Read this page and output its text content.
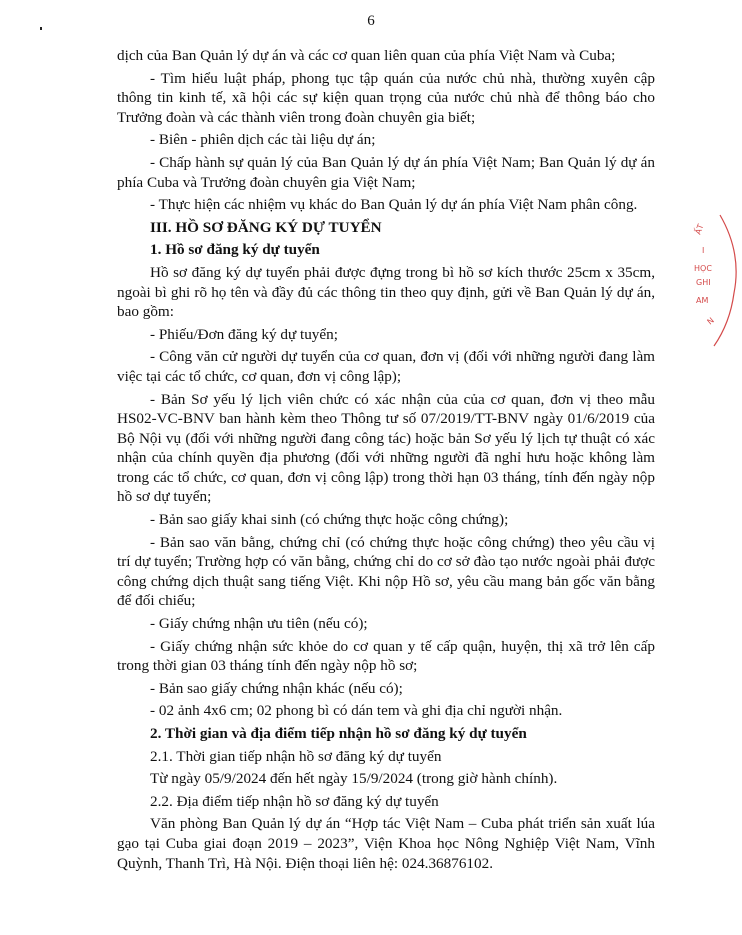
6

dịch của Ban Quản lý dự án và các cơ quan liên quan của phía Việt Nam và Cuba;

- Tìm hiểu luật pháp, phong tục tập quán của nước chủ nhà, thường xuyên cập thông tin kinh tế, xã hội các sự kiện quan trọng của nước chủ nhà để thông báo cho Trưởng đoàn và các thành viên trong đoàn chuyên gia biết;

- Biên - phiên dịch các tài liệu dự án;

- Chấp hành sự quản lý của Ban Quản lý dự án phía Việt Nam; Ban Quản lý dự án phía Cuba và Trưởng đoàn chuyên gia Việt Nam;

- Thực hiện các nhiệm vụ khác do Ban Quản lý dự án phía Việt Nam phân công.

III. HỒ SƠ ĐĂNG KÝ DỰ TUYỂN

1. Hồ sơ đăng ký dự tuyển

Hồ sơ đăng ký dự tuyển phải được đựng trong bì hồ sơ kích thước 25cm x 35cm, ngoài bì ghi rõ họ tên và đầy đủ các thông tin theo quy định, gửi về Ban Quản lý dự án, bao gồm:

- Phiếu/Đơn đăng ký dự tuyển;

- Công văn cử người dự tuyển của cơ quan, đơn vị (đối với những người đang làm việc tại các tổ chức, cơ quan, đơn vị công lập);

- Bản Sơ yếu lý lịch viên chức có xác nhận của của cơ quan, đơn vị theo mẫu HS02-VC-BNV ban hành kèm theo Thông tư số 07/2019/TT-BNV ngày 01/6/2019 của Bộ Nội vụ (đối với những người đang công tác) hoặc bản Sơ yếu lý lịch tự thuật có xác nhận của chính quyền địa phương (đối với những người đã nghỉ hưu hoặc không làm trong các tổ chức, cơ quan, đơn vị công lập) trong thời hạn 03 tháng, tính đến ngày nộp hồ sơ dự tuyển;

- Bản sao giấy khai sinh (có chứng thực hoặc công chứng);

- Bản sao văn bằng, chứng chỉ (có chứng thực hoặc công chứng) theo yêu cầu vị trí dự tuyển; Trường hợp có văn bằng, chứng chỉ do cơ sở đào tạo nước ngoài phải được công chứng dịch thuật sang tiếng Việt. Khi nộp Hồ sơ, yêu cầu mang bản gốc văn bằng để đối chiếu;

- Giấy chứng nhận ưu tiên (nếu có);

- Giấy chứng nhận sức khỏe do cơ quan y tế cấp quận, huyện, thị xã trở lên cấp trong thời gian 03 tháng tính đến ngày nộp hồ sơ;

- Bản sao giấy chứng nhận khác (nếu có);

- 02 ảnh 4x6 cm; 02 phong bì có dán tem và ghi địa chỉ người nhận.

2. Thời gian và địa điểm tiếp nhận hồ sơ đăng ký dự tuyển

2.1. Thời gian tiếp nhận hồ sơ đăng ký dự tuyển

Từ ngày 05/9/2024 đến hết ngày 15/9/2024 (trong giờ hành chính).

2.2. Địa điểm tiếp nhận hồ sơ đăng ký dự tuyển

Văn phòng Ban Quản lý dự án “Hợp tác Việt Nam – Cuba phát triển sản xuất lúa gạo tại Cuba giai đoạn 2019 – 2023”, Viện Khoa học Nông Nghiệp Việt Nam, Vĩnh Quỳnh, Thanh Trì, Hà Nội. Điện thoại liên hệ: 024.36876102.

ẤT
I
HỌC
GHI
AM
N
